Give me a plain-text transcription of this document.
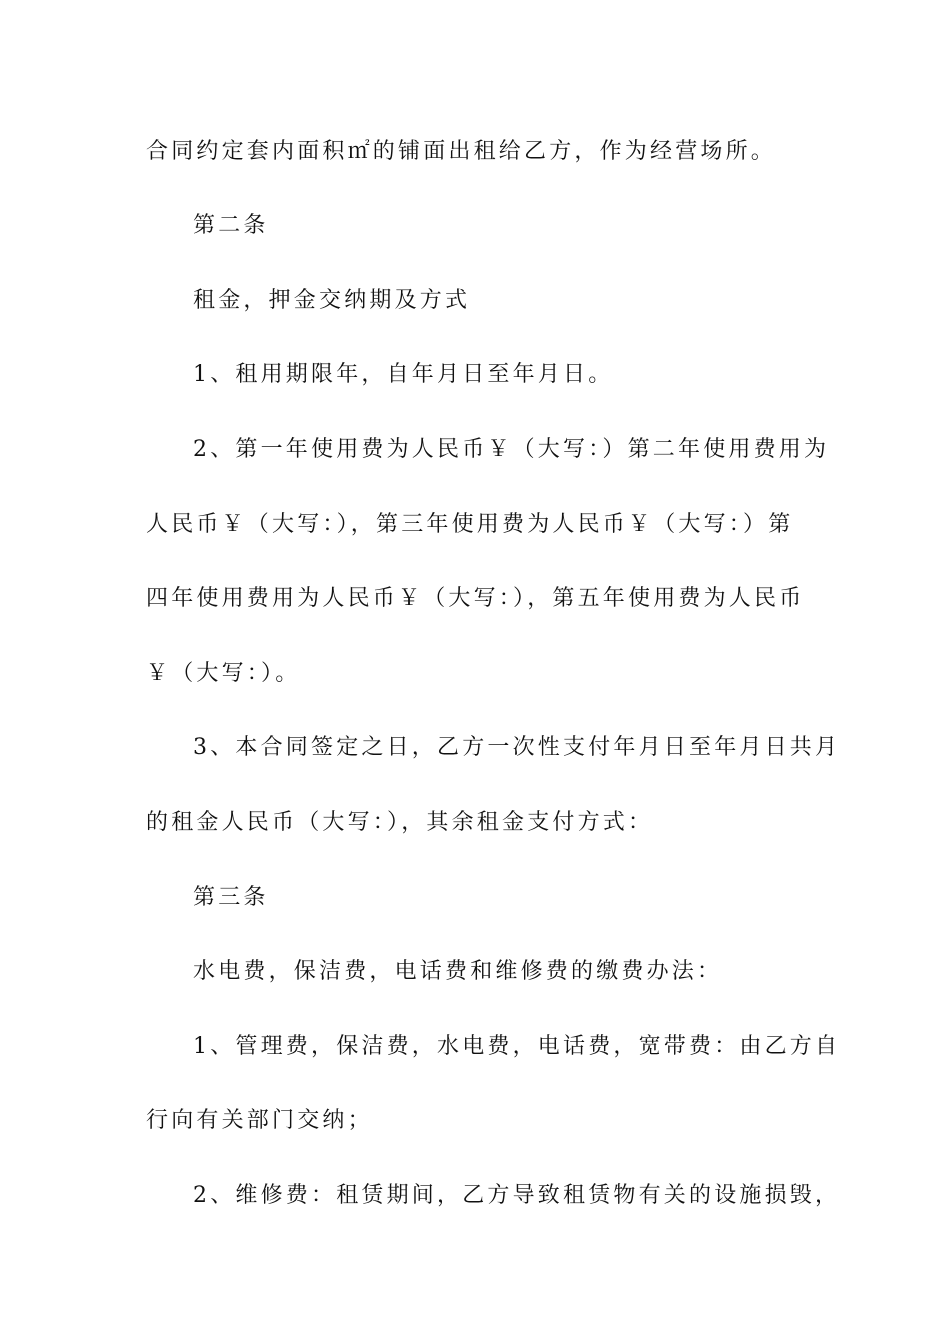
合同约定套内面积㎡的铺面出租给乙方，作为经营场所。
第二条
租金，押金交纳期及方式
1、租用期限年，自年月日至年月日。
2、第一年使用费为人民币￥（大写：）第二年使用费用为
人民币￥（大写：），第三年使用费为人民币￥（大写：）第
四年使用费用为人民币￥（大写：），第五年使用费为人民币
￥（大写：）。
3、本合同签定之日，乙方一次性支付年月日至年月日共月
的租金人民币（大写：），其余租金支付方式：
第三条
水电费，保洁费，电话费和维修费的缴费办法：
1、管理费，保洁费，水电费，电话费，宽带费：由乙方自
行向有关部门交纳；
2、维修费：租赁期间，乙方导致租赁物有关的设施损毁，
